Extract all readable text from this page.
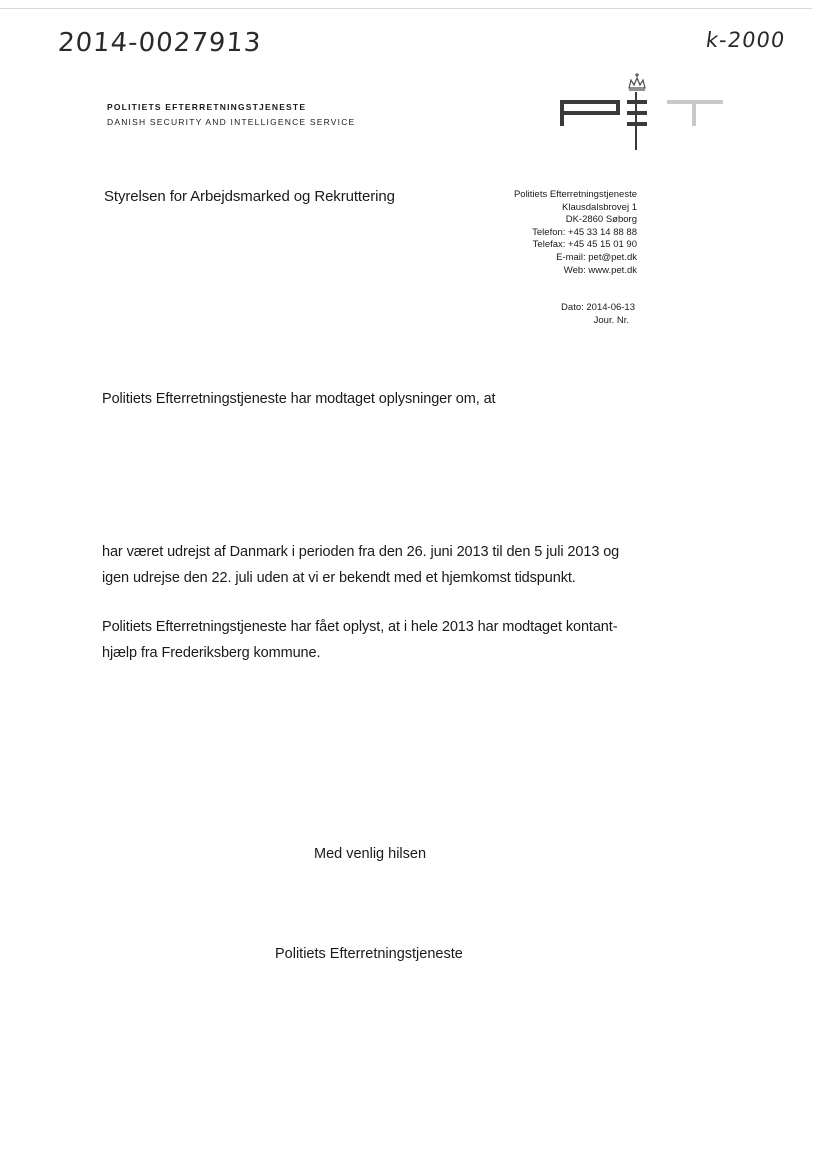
2014-0027913	k-2000
POLITIETS EFTERRETNINGSTJENESTE
DANISH SECURITY AND INTELLIGENCE SERVICE
Styrelsen for Arbejdsmarked og Rekruttering	Politiets Efterretningstjeneste
Klausdalsbrovej 1
DK-2860 Søborg
Telefon: +45 33 14 88 88
Telefax: +45 45 15 01 90
E-mail: pet@pet.dk
Web: www.pet.dk
Dato: 2014-06-13
Jour. Nr.
Politiets Efterretningstjeneste har modtaget oplysninger om, at
har været udrejst af Danmark i perioden fra den 26. juni 2013 til den 5 juli 2013 og
igen udrejse den 22. juli uden at vi er bekendt med et hjemkomst tidspunkt.
Politiets Efterretningstjeneste har fået oplyst, at i hele 2013 har modtaget kontant-
hjælp fra Frederiksberg kommune.
Med venlig hilsen
Politiets Efterretningstjeneste
